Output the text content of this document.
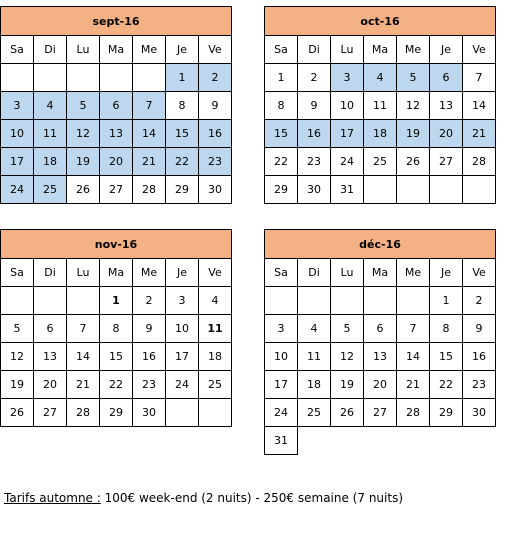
sept-16						
Sa	Di	Lu	Ma	Me	Je	Ve
					1	2
3	4	5	6	7	8	9
10	11	12	13	14	15	16
17	18	19	20	21	22	23
24	25	26	27	28	29	30
oct-16						
Sa	Di	Lu	Ma	Me	Je	Ve
1	2	3	4	5	6	7
8	9	10	11	12	13	14
15	16	17	18	19	20	21
22	23	24	25	26	27	28
29	30	31				
nov-16						
Sa	Di	Lu	Ma	Me	Je	Ve
			1	2	3	4
5	6	7	8	9	10	11
12	13	14	15	16	17	18
19	20	21	22	23	24	25
26	27	28	29	30		
déc-16						
Sa	Di	Lu	Ma	Me	Je	Ve
					1	2
3	4	5	6	7	8	9
10	11	12	13	14	15	16
17	18	19	20	21	22	23
24	25	26	27	28	29	30
31						
Tarifs automne : 100€ week-end (2 nuits) - 250€ semaine (7 nuits)
